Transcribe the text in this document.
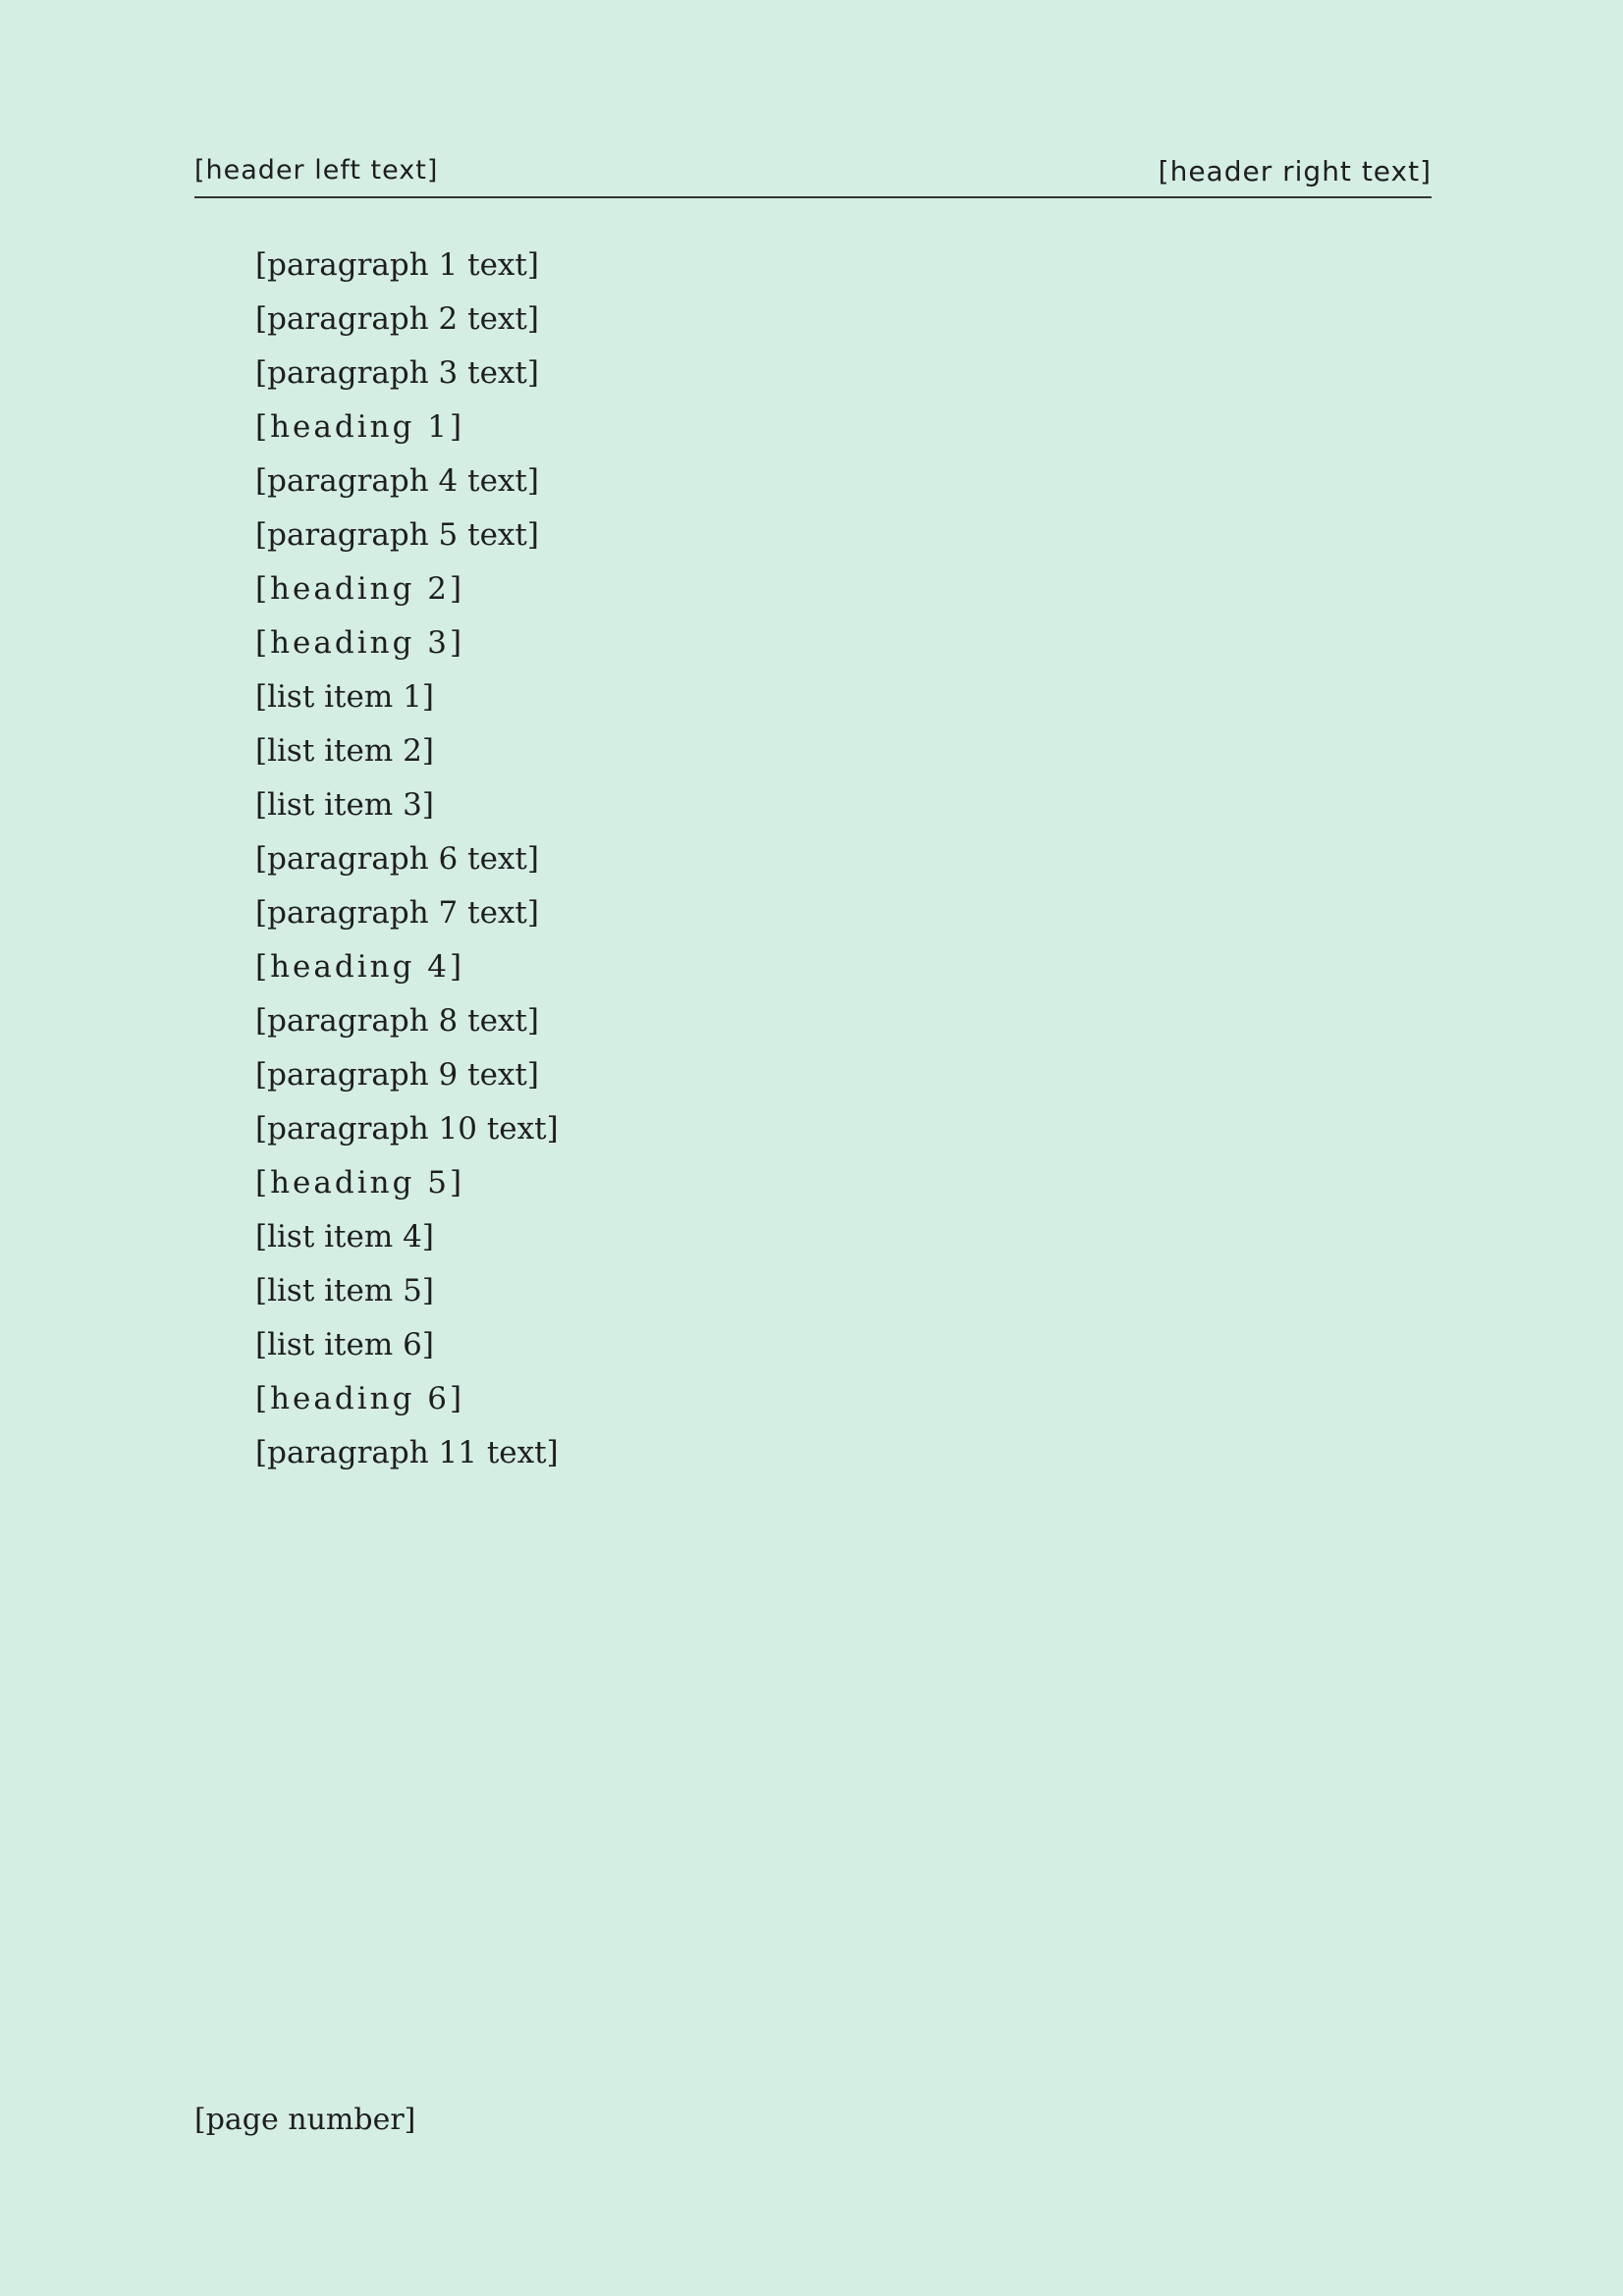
[header left text]	[header right text]

[paragraph 1 text]

[paragraph 2 text]

[paragraph 3 text]

[heading 1]

[paragraph 4 text]

[paragraph 5 text]

[heading 2]

[heading 3]

[list item 1]

[list item 2]

[list item 3]

[paragraph 6 text]

[paragraph 7 text]

[heading 4]

[paragraph 8 text]

[paragraph 9 text]

[paragraph 10 text]

[heading 5]

[list item 4]

[list item 5]

[list item 6]

[heading 6]

[paragraph 11 text]

[page number]
